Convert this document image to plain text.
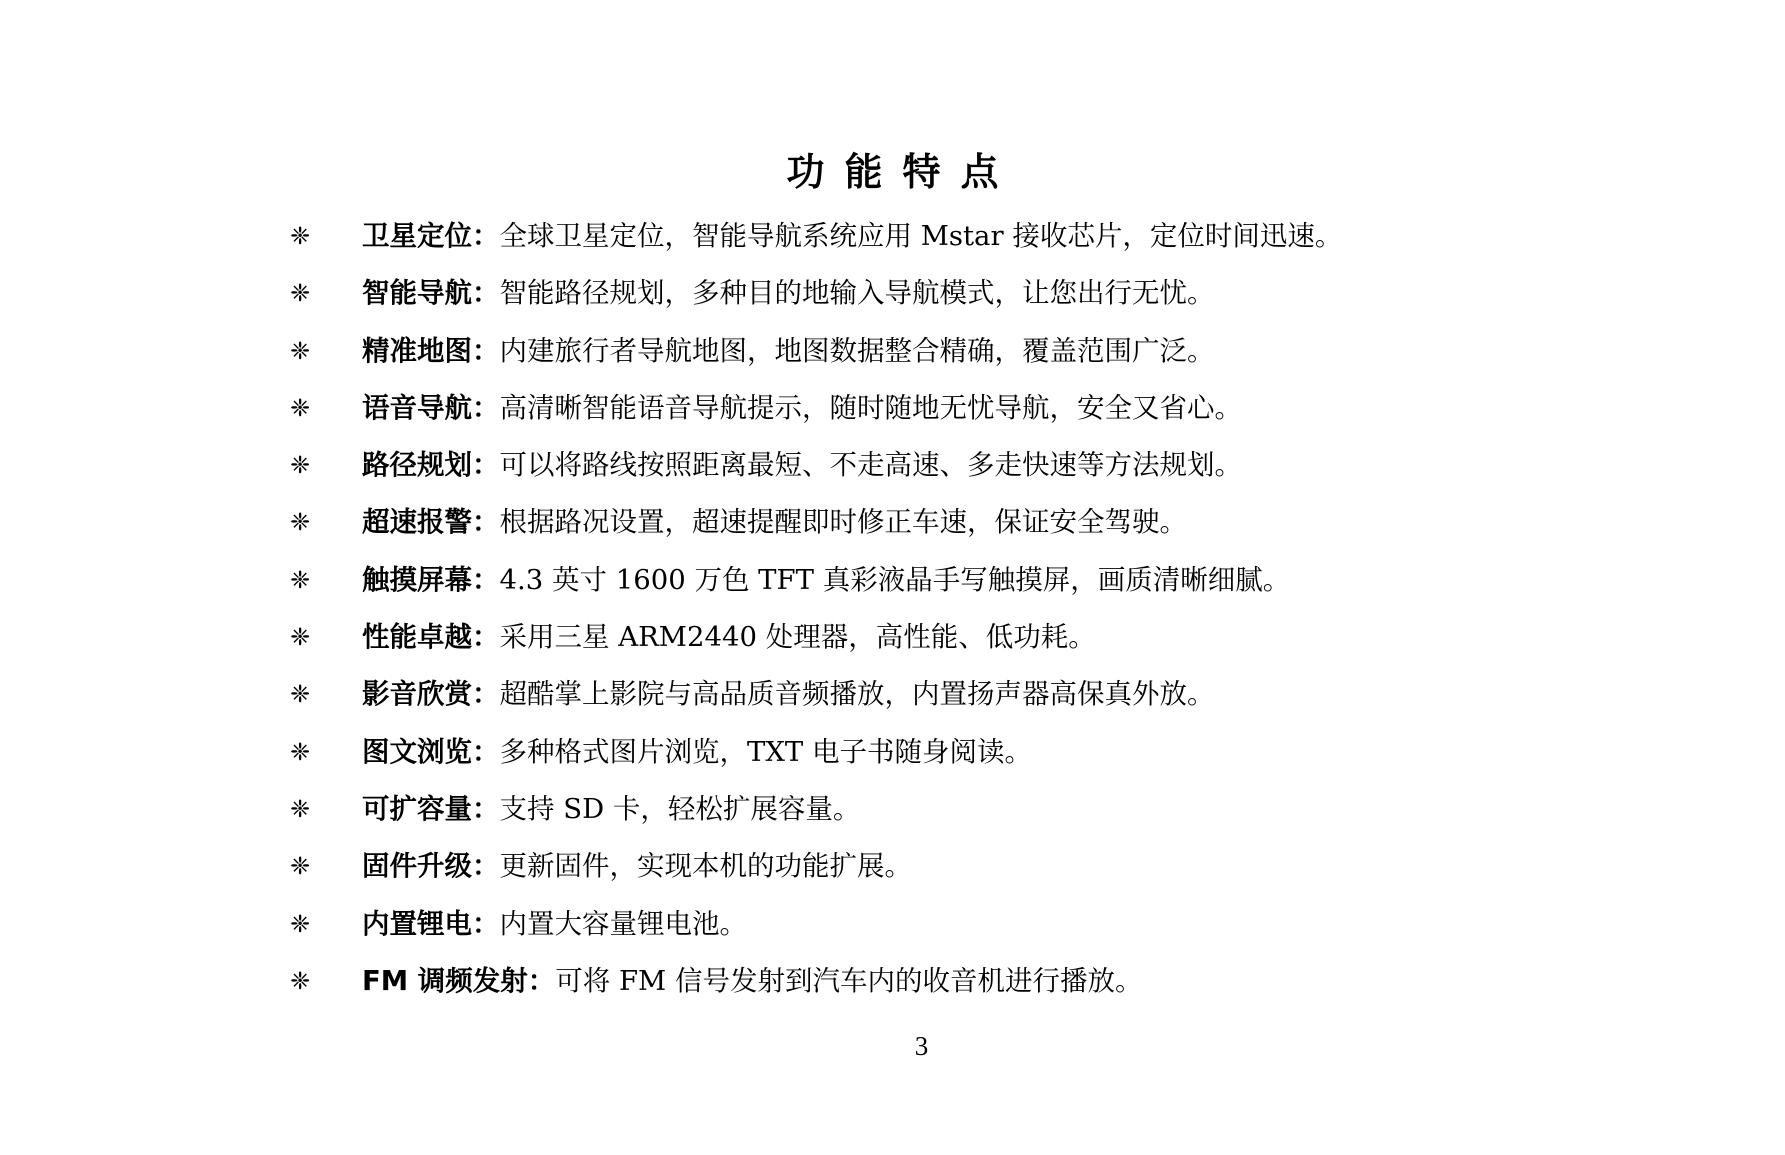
功能特点
❈	卫星定位： 全球卫星定位，智能导航系统应用 Mstar 接收芯片，定位时间迅速。
❈	智能导航： 智能路径规划，多种目的地输入导航模式，让您出行无忧。
❈	精准地图： 内建旅行者导航地图，地图数据整合精确，覆盖范围广泛。
❈	语音导航： 高清晰智能语音导航提示，随时随地无忧导航，安全又省心。
❈	路径规划： 可以将路线按照距离最短、不走高速、多走快速等方法规划。
❈	超速报警： 根据路况设置，超速提醒即时修正车速，保证安全驾驶。
❈	触摸屏幕： 4.3 英寸 1600 万色 TFT 真彩液晶手写触摸屏，画质清晰细腻。
❈	性能卓越： 采用三星 ARM2440 处理器，高性能、低功耗。
❈	影音欣赏： 超酷掌上影院与高品质音频播放，内置扬声器高保真外放。
❈	图文浏览： 多种格式图片浏览，TXT 电子书随身阅读。
❈	可扩容量： 支持 SD 卡，轻松扩展容量。
❈	固件升级： 更新固件，实现本机的功能扩展。
❈	内置锂电： 内置大容量锂电池。
❈	FM 调频发射： 可将 FM 信号发射到汽车内的收音机进行播放。
3
